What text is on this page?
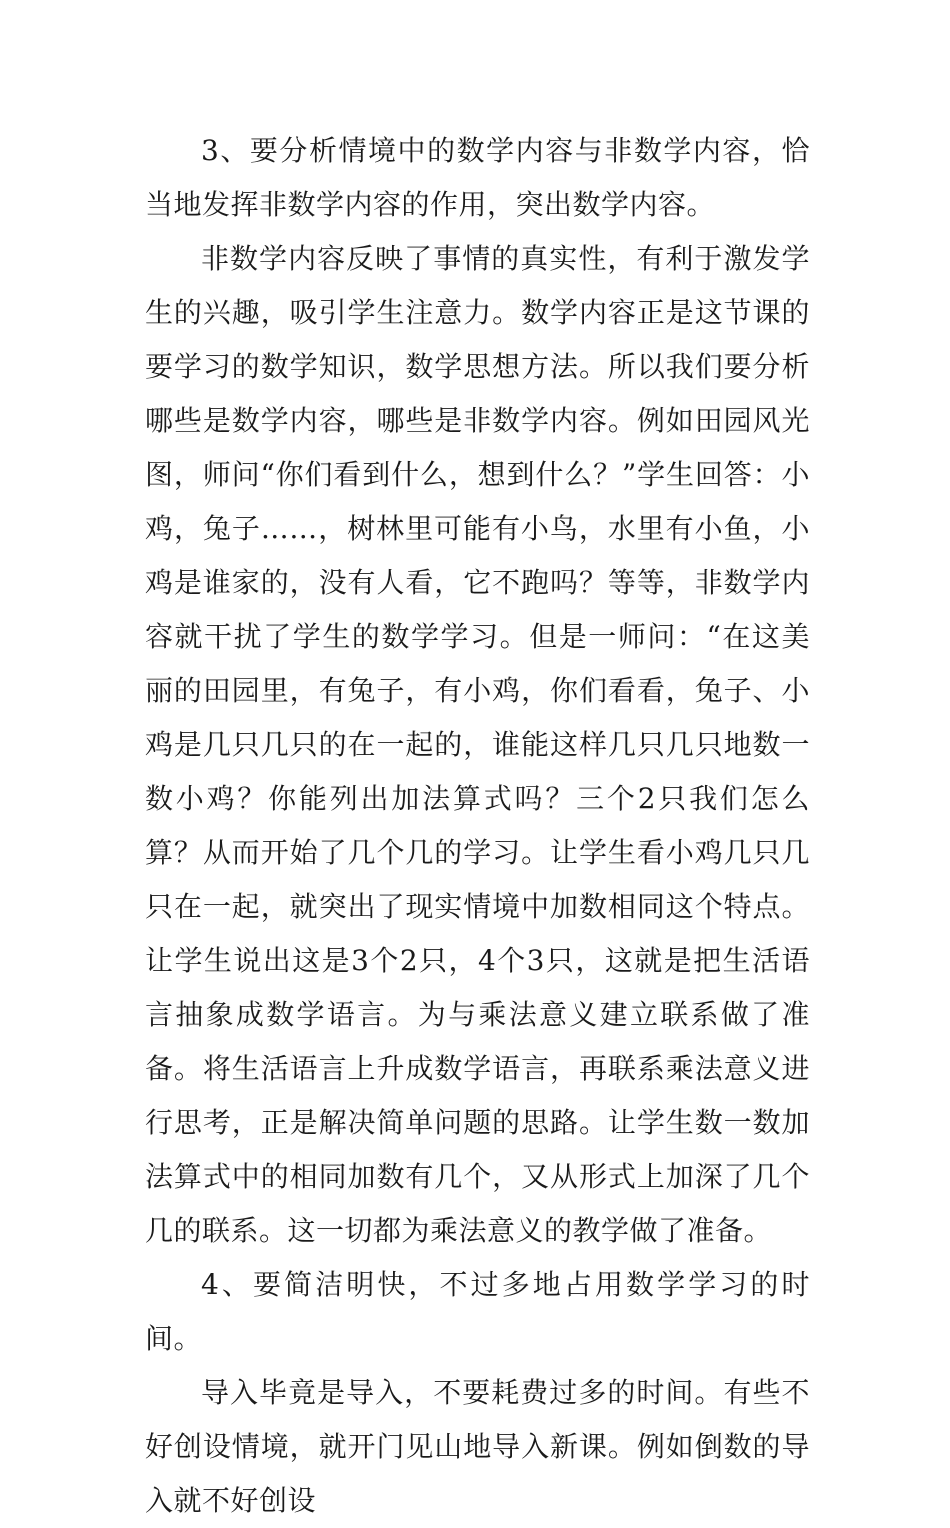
3、要分析情境中的数学内容与非数学内容，恰当地发挥非数学内容的作用，突出数学内容。

非数学内容反映了事情的真实性，有利于激发学生的兴趣，吸引学生注意力。数学内容正是这节课的要学习的数学知识，数学思想方法。所以我们要分析哪些是数学内容，哪些是非数学内容。例如田园风光图，师问“你们看到什么，想到什么？”学生回答：小鸡，兔子……，树林里可能有小鸟，水里有小鱼，小鸡是谁家的，没有人看，它不跑吗？等等，非数学内容就干扰了学生的数学学习。但是一师问：“在这美丽的田园里，有兔子，有小鸡，你们看看，兔子、小鸡是几只几只的在一起的，谁能这样几只几只地数一数小鸡？你能列出加法算式吗？三个2只我们怎么算？从而开始了几个几的学习。让学生看小鸡几只几只在一起，就突出了现实情境中加数相同这个特点。让学生说出这是3个2只，4个3只，这就是把生活语言抽象成数学语言。为与乘法意义建立联系做了准备。将生活语言上升成数学语言，再联系乘法意义进行思考，正是解决简单问题的思路。让学生数一数加法算式中的相同加数有几个，又从形式上加深了几个几的联系。这一切都为乘法意义的教学做了准备。

4、要简洁明快，不过多地占用数学学习的时间。

导入毕竟是导入，不要耗费过多的时间。有些不好创设情境，就开门见山地导入新课。例如倒数的导入就不好创设
